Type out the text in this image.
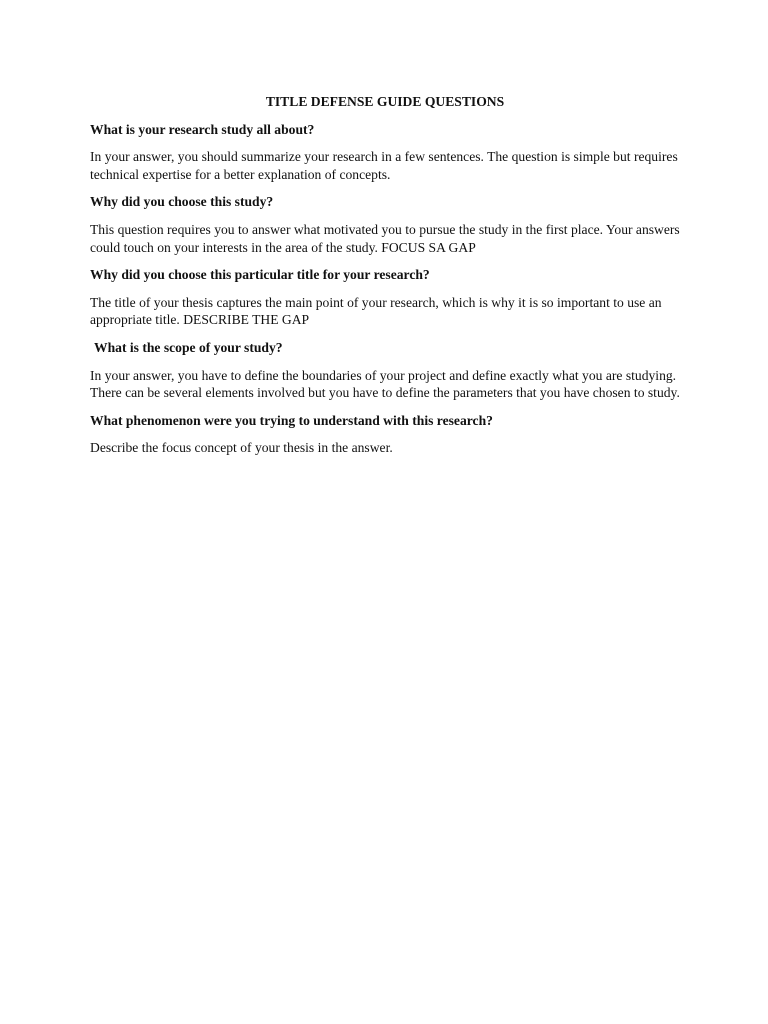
TITLE DEFENSE GUIDE QUESTIONS
What is your research study all about?
In your answer, you should summarize your research in a few sentences. The question is simple but requires technical expertise for a better explanation of concepts.
Why did you choose this study?
This question requires you to answer what motivated you to pursue the study in the first place. Your answers could touch on your interests in the area of the study. FOCUS SA GAP
Why did you choose this particular title for your research?
The title of your thesis captures the main point of your research, which is why it is so important to use an appropriate title. DESCRIBE THE GAP
What is the scope of your study?
In your answer, you have to define the boundaries of your project and define exactly what you are studying. There can be several elements involved but you have to define the parameters that you have chosen to study.
What phenomenon were you trying to understand with this research?
Describe the focus concept of your thesis in the answer.
